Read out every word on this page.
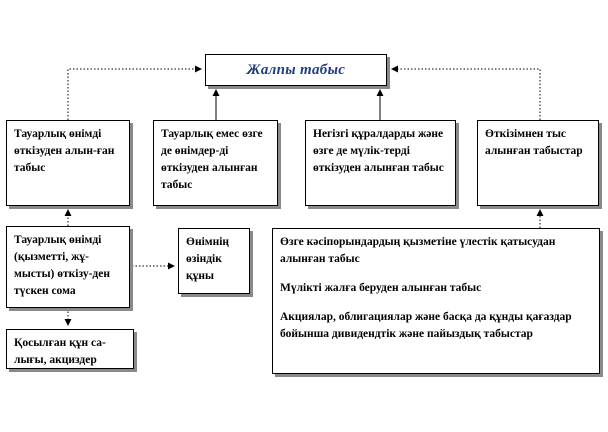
Жалпы табыс
Тауарлық өнімді өткізуден алын-ған табыс
Тауарлық емес өзге де өнімдер-ді өткізуден алынған табыс
Негізгі құралдарды және өзге де мүлік-терді өткізуден алынған табыс
Өткізімнен тыс алынған табыстар
Тауарлық өнімді (қызметті, жұ-мысты) өткізу-ден түскен сома
Өнімнің өзіндік құны
Қосылған құн са-лығы, акциздер
Өзге кәсіпорындардың қызметіне үлестік қатысудан алынған табыс
Мүлікті жалға беруден алынған табыс
Акциялар, облигациялар және басқа да құнды қағаздар бойынша дивидендтік және пайыздық табыстар
